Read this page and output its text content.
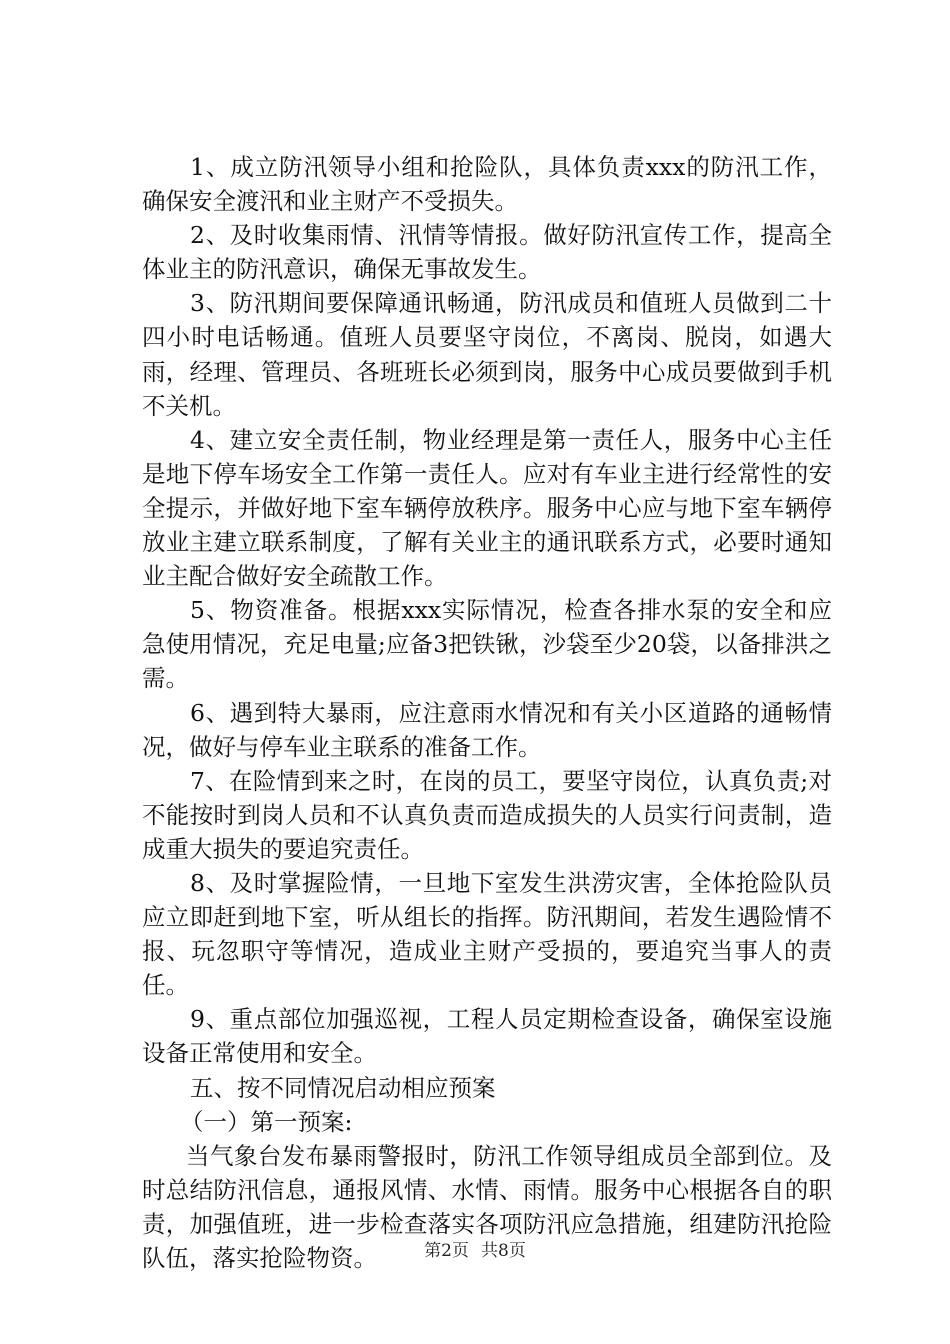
1、成立防汛领导小组和抢险队，具体负责xxx的防汛工作，确保安全渡汛和业主财产不受损失。

2、及时收集雨情、汛情等情报。做好防汛宣传工作，提高全体业主的防汛意识，确保无事故发生。

3、防汛期间要保障通讯畅通，防汛成员和值班人员做到二十四小时电话畅通。值班人员要坚守岗位，不离岗、脱岗，如遇大雨，经理、管理员、各班班长必须到岗，服务中心成员要做到手机不关机。

4、建立安全责任制，物业经理是第一责任人，服务中心主任是地下停车场安全工作第一责任人。应对有车业主进行经常性的安全提示，并做好地下室车辆停放秩序。服务中心应与地下室车辆停放业主建立联系制度，了解有关业主的通讯联系方式，必要时通知业主配合做好安全疏散工作。

5、物资准备。根据xxx实际情况，检查各排水泵的安全和应急使用情况，充足电量;应备3把铁锹，沙袋至少20袋，以备排洪之需。

6、遇到特大暴雨，应注意雨水情况和有关小区道路的通畅情况，做好与停车业主联系的准备工作。

7、在险情到来之时，在岗的员工，要坚守岗位，认真负责;对不能按时到岗人员和不认真负责而造成损失的人员实行问责制，造成重大损失的要追究责任。

8、及时掌握险情，一旦地下室发生洪涝灾害，全体抢险队员应立即赶到地下室，听从组长的指挥。防汛期间，若发生遇险情不报、玩忽职守等情况，造成业主财产受损的，要追究当事人的责任。

9、重点部位加强巡视，工程人员定期检查设备，确保室设施设备正常使用和安全。

五、按不同情况启动相应预案

（一）第一预案:

当气象台发布暴雨警报时，防汛工作领导组成员全部到位。及时总结防汛信息，通报风情、水情、雨情。服务中心根据各自的职责，加强值班，进一步检查落实各项防汛应急措施，组建防汛抢险队伍，落实抢险物资。	第2页 共8页
